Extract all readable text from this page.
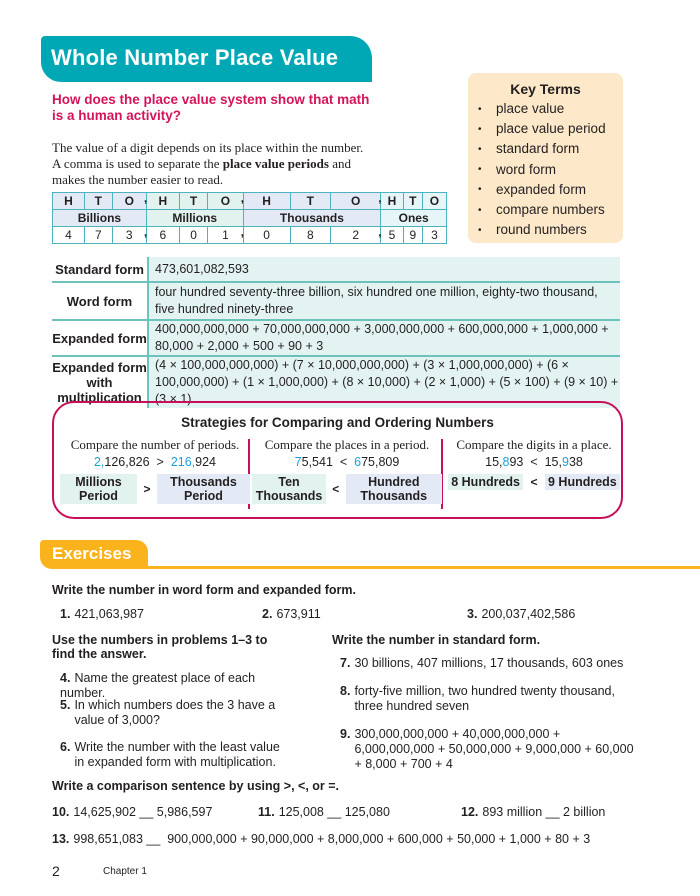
Whole Number Place Value
How does the place value system show that math is a human activity?
The value of a digit depends on its place within the number. A comma is used to separate the place value periods and makes the number easier to read.
Key Terms
• place value
• place value period
• standard form
• word form
• expanded form
• compare numbers
• round numbers
H	T	O	, H	T	O	, H	T	O	, H	T	O
Billions			Millions			Thousands			Ones		
4	7	3	, 6	0	1	, 0	8	2	, 5	9	3
Standard form	473,601,082,593
Word form	four hundred seventy-three billion, six hundred one million, eighty-two thousand, five hundred ninety-three
Expanded form	400,000,000,000 + 70,000,000,000 + 3,000,000,000 + 600,000,000 + 1,000,000 + 80,000 + 2,000 + 500 + 90 + 3
Expanded form with multiplication	(4 × 100,000,000,000) + (7 × 10,000,000,000) + (3 × 1,000,000,000) + (6 × 100,000,000) + (1 × 1,000,000) + (8 × 10,000) + (2 × 1,000) + (5 × 100) + (9 × 10) + (3 × 1)
Strategies for Comparing and Ordering Numbers
Compare the number of periods.
2,126,826 > 216,924
Millions Period	>	Thousands Period
Compare the places in a period.
75,541 < 675,809
Ten Thousands <	Hundred Thousands
Compare the digits in a place.
15,893 < 15,938
8 Hundreds < 9 Hundreds
Exercises
Write the number in word form and expanded form.
1. 421,063,987	2. 673,911	3. 200,037,402,586
Use the numbers in problems 1–3 to find the answer.
4. Name the greatest place of each number.
5. In which numbers does the 3 have a value of 3,000?
6. Write the number with the least value in expanded form with multiplication.
Write the number in standard form.
7. 30 billions, 407 millions, 17 thousands, 603 ones
8. forty-five million, two hundred twenty thousand, three hundred seven
9. 300,000,000,000 + 40,000,000,000 + 6,000,000,000 + 50,000,000 + 9,000,000 + 60,000 + 8,000 + 700 + 4
Write a comparison sentence by using >, <, or =.
10. 14,625,902 __ 5,986,597	11. 125,008 __ 125,080	12. 893 million __ 2 billion
13. 998,651,083 __  900,000,000 + 90,000,000 + 8,000,000 + 600,000 + 50,000 + 1,000 + 80 + 3
2	Chapter 1
